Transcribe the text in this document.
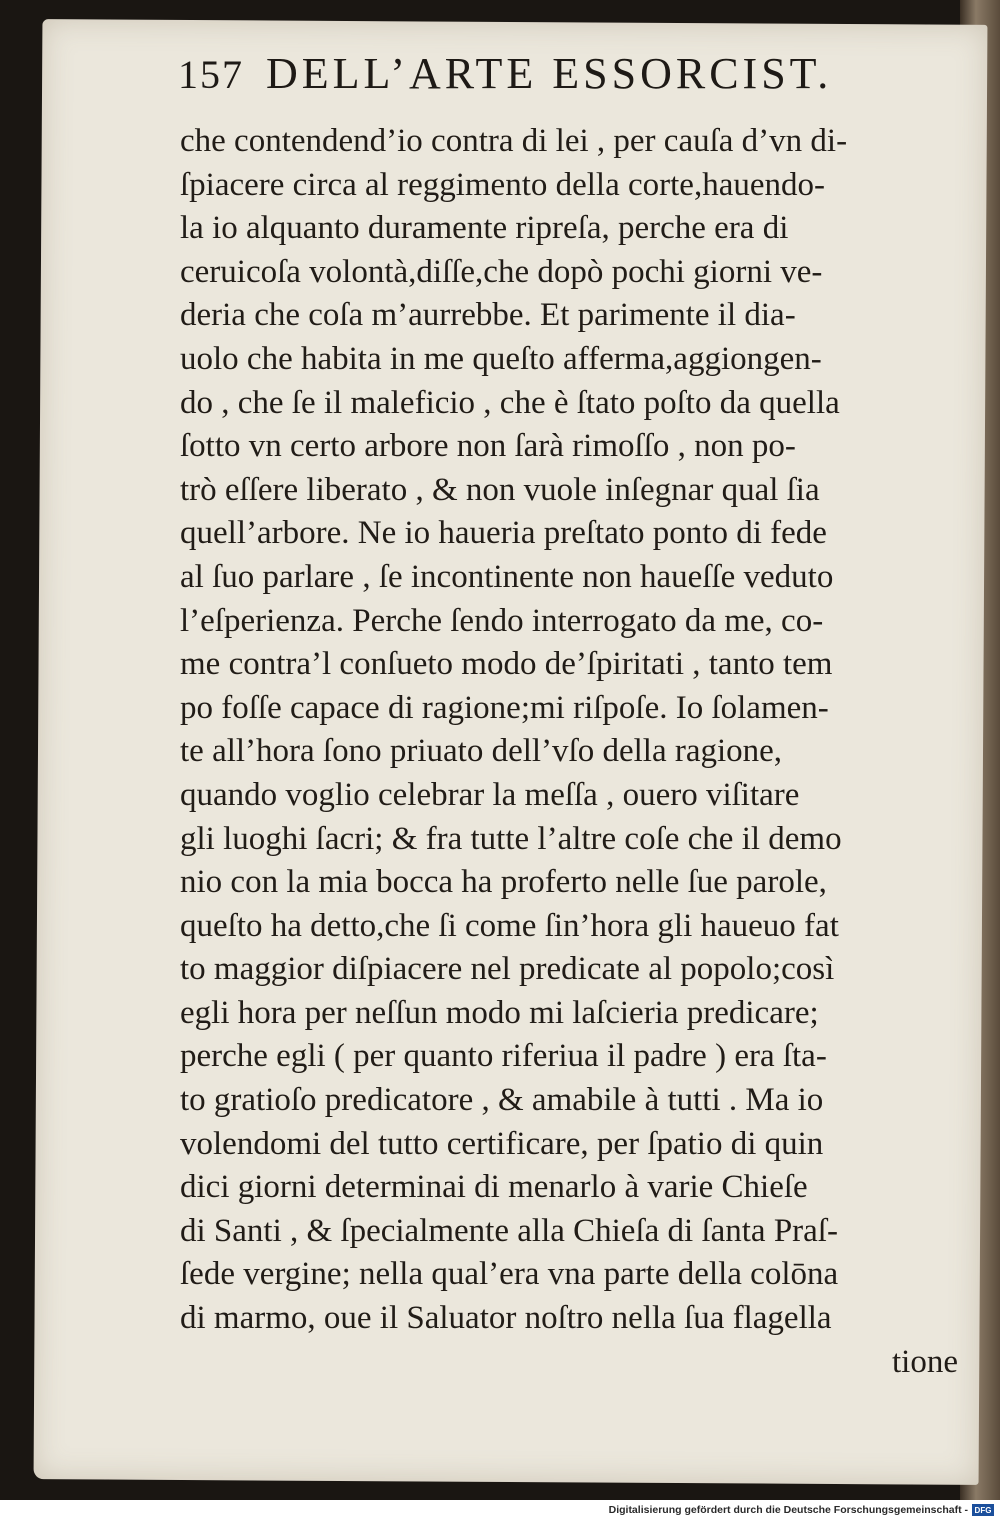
157 DELL’ARTE ESSORCIST.
che contendend’io contra di lei , per cauſa d’vn di-
ſpiacere circa al reggimento della corte,hauendo-
la io alquanto duramente ripreſa, perche era di
ceruicoſa volontà,diſſe,che dopò pochi giorni ve-
deria che coſa m’aurrebbe. Et parimente il dia-
uolo che habita in me queſto afferma,aggiongen-
do , che ſe il maleficio , che è ſtato poſto da quella
ſotto vn certo arbore non ſarà rimoſſo , non po-
trò eſſere liberato , & non vuole inſegnar qual ſia
quell’arbore. Ne io haueria preſtato ponto di fede
al ſuo parlare , ſe incontinente non haueſſe veduto
l’eſperienza. Perche ſendo interrogato da me, co-
me contra’l conſueto modo de’ſpiritati , tanto tem
po foſſe capace di ragione;mi riſpoſe. Io ſolamen-
te all’hora ſono priuato dell’vſo della ragione,
quando voglio celebrar la meſſa , ouero viſitare
gli luoghi ſacri; & fra tutte l’altre coſe che il demo
nio con la mia bocca ha proferto nelle ſue parole,
queſto ha detto,che ſi come ſin’hora gli haueuo fat
to maggior diſpiacere nel predicate al popolo;così
egli hora per neſſun modo mi laſcieria predicare;
perche egli ( per quanto riferiua il padre ) era ſta-
to gratioſo predicatore , & amabile à tutti . Ma io
volendomi del tutto certificare, per ſpatio di quin
dici giorni determinai di menarlo à varie Chieſe
di Santi , & ſpecialmente alla Chieſa di ſanta Praſ-
ſede vergine; nella qual’era vna parte della colōna
di marmo, oue il Saluator noſtro nella ſua flagella
tione
Digitalisierung gefördert durch die Deutsche Forschungsgemeinschaft - DFG
